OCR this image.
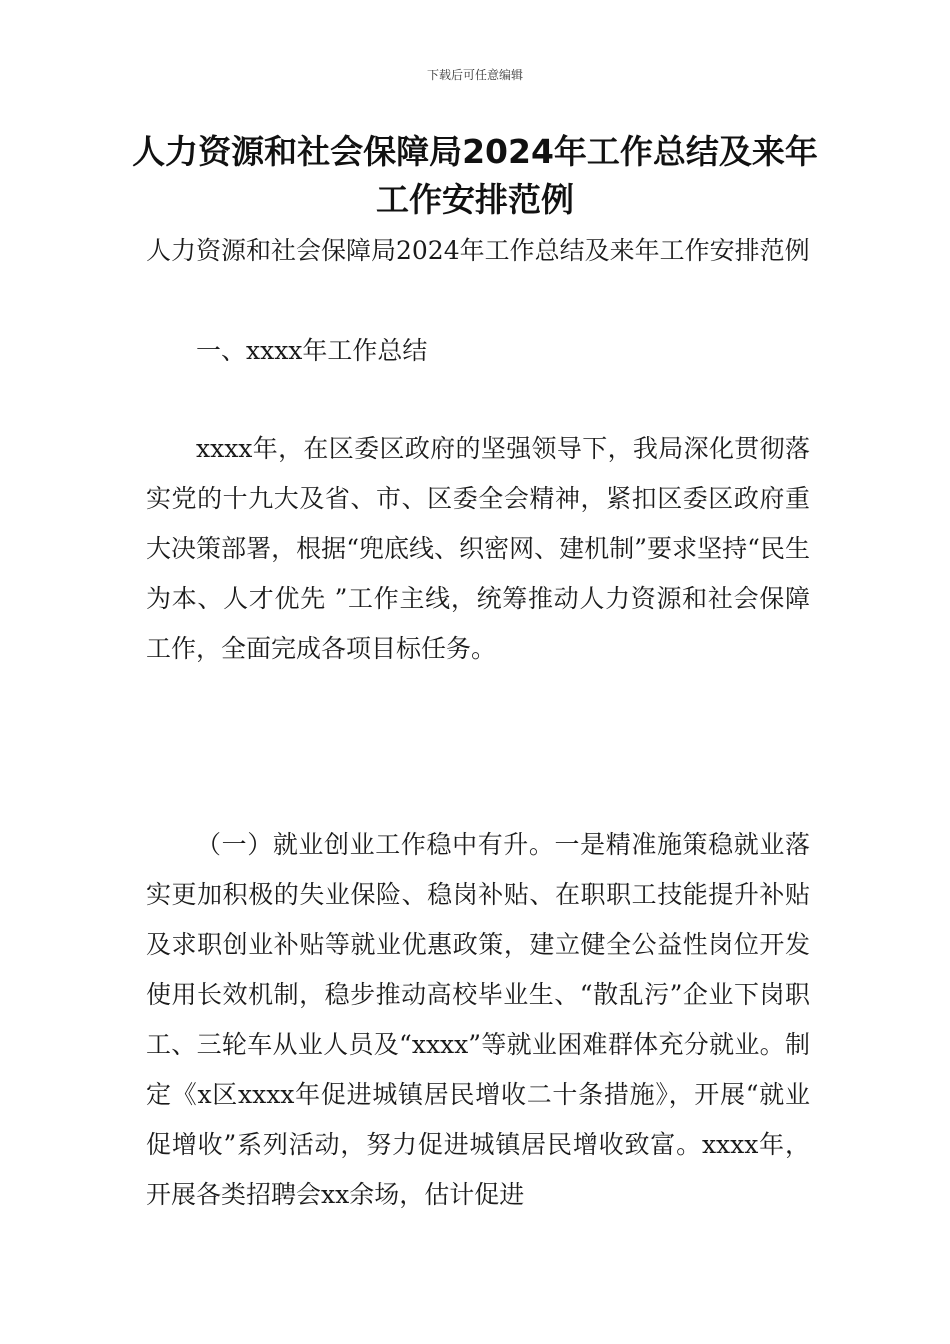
下载后可任意编辑
人力资源和社会保障局2024年工作总结及来年工作安排范例
人力资源和社会保障局2024年工作总结及来年工作安排范例
一、xxxx年工作总结
xxxx年，在区委区政府的坚强领导下，我局深化贯彻落实党的十九大及省、市、区委全会精神，紧扣区委区政府重大决策部署，根据“兜底线、织密网、建机制”要求坚持“民生为本、人才优先 ”工作主线，统筹推动人力资源和社会保障工作，全面完成各项目标任务。
（一）就业创业工作稳中有升。一是精准施策稳就业落实更加积极的失业保险、稳岗补贴、在职职工技能提升补贴及求职创业补贴等就业优惠政策，建立健全公益性岗位开发使用长效机制，稳步推动高校毕业生、“散乱污”企业下岗职工、三轮车从业人员及“xxxx”等就业困难群体充分就业。制定《x区xxxx年促进城镇居民增收二十条措施》，开展“就业促增收”系列活动，努力促进城镇居民增收致富。xxxx年，开展各类招聘会xx余场，估计促进
